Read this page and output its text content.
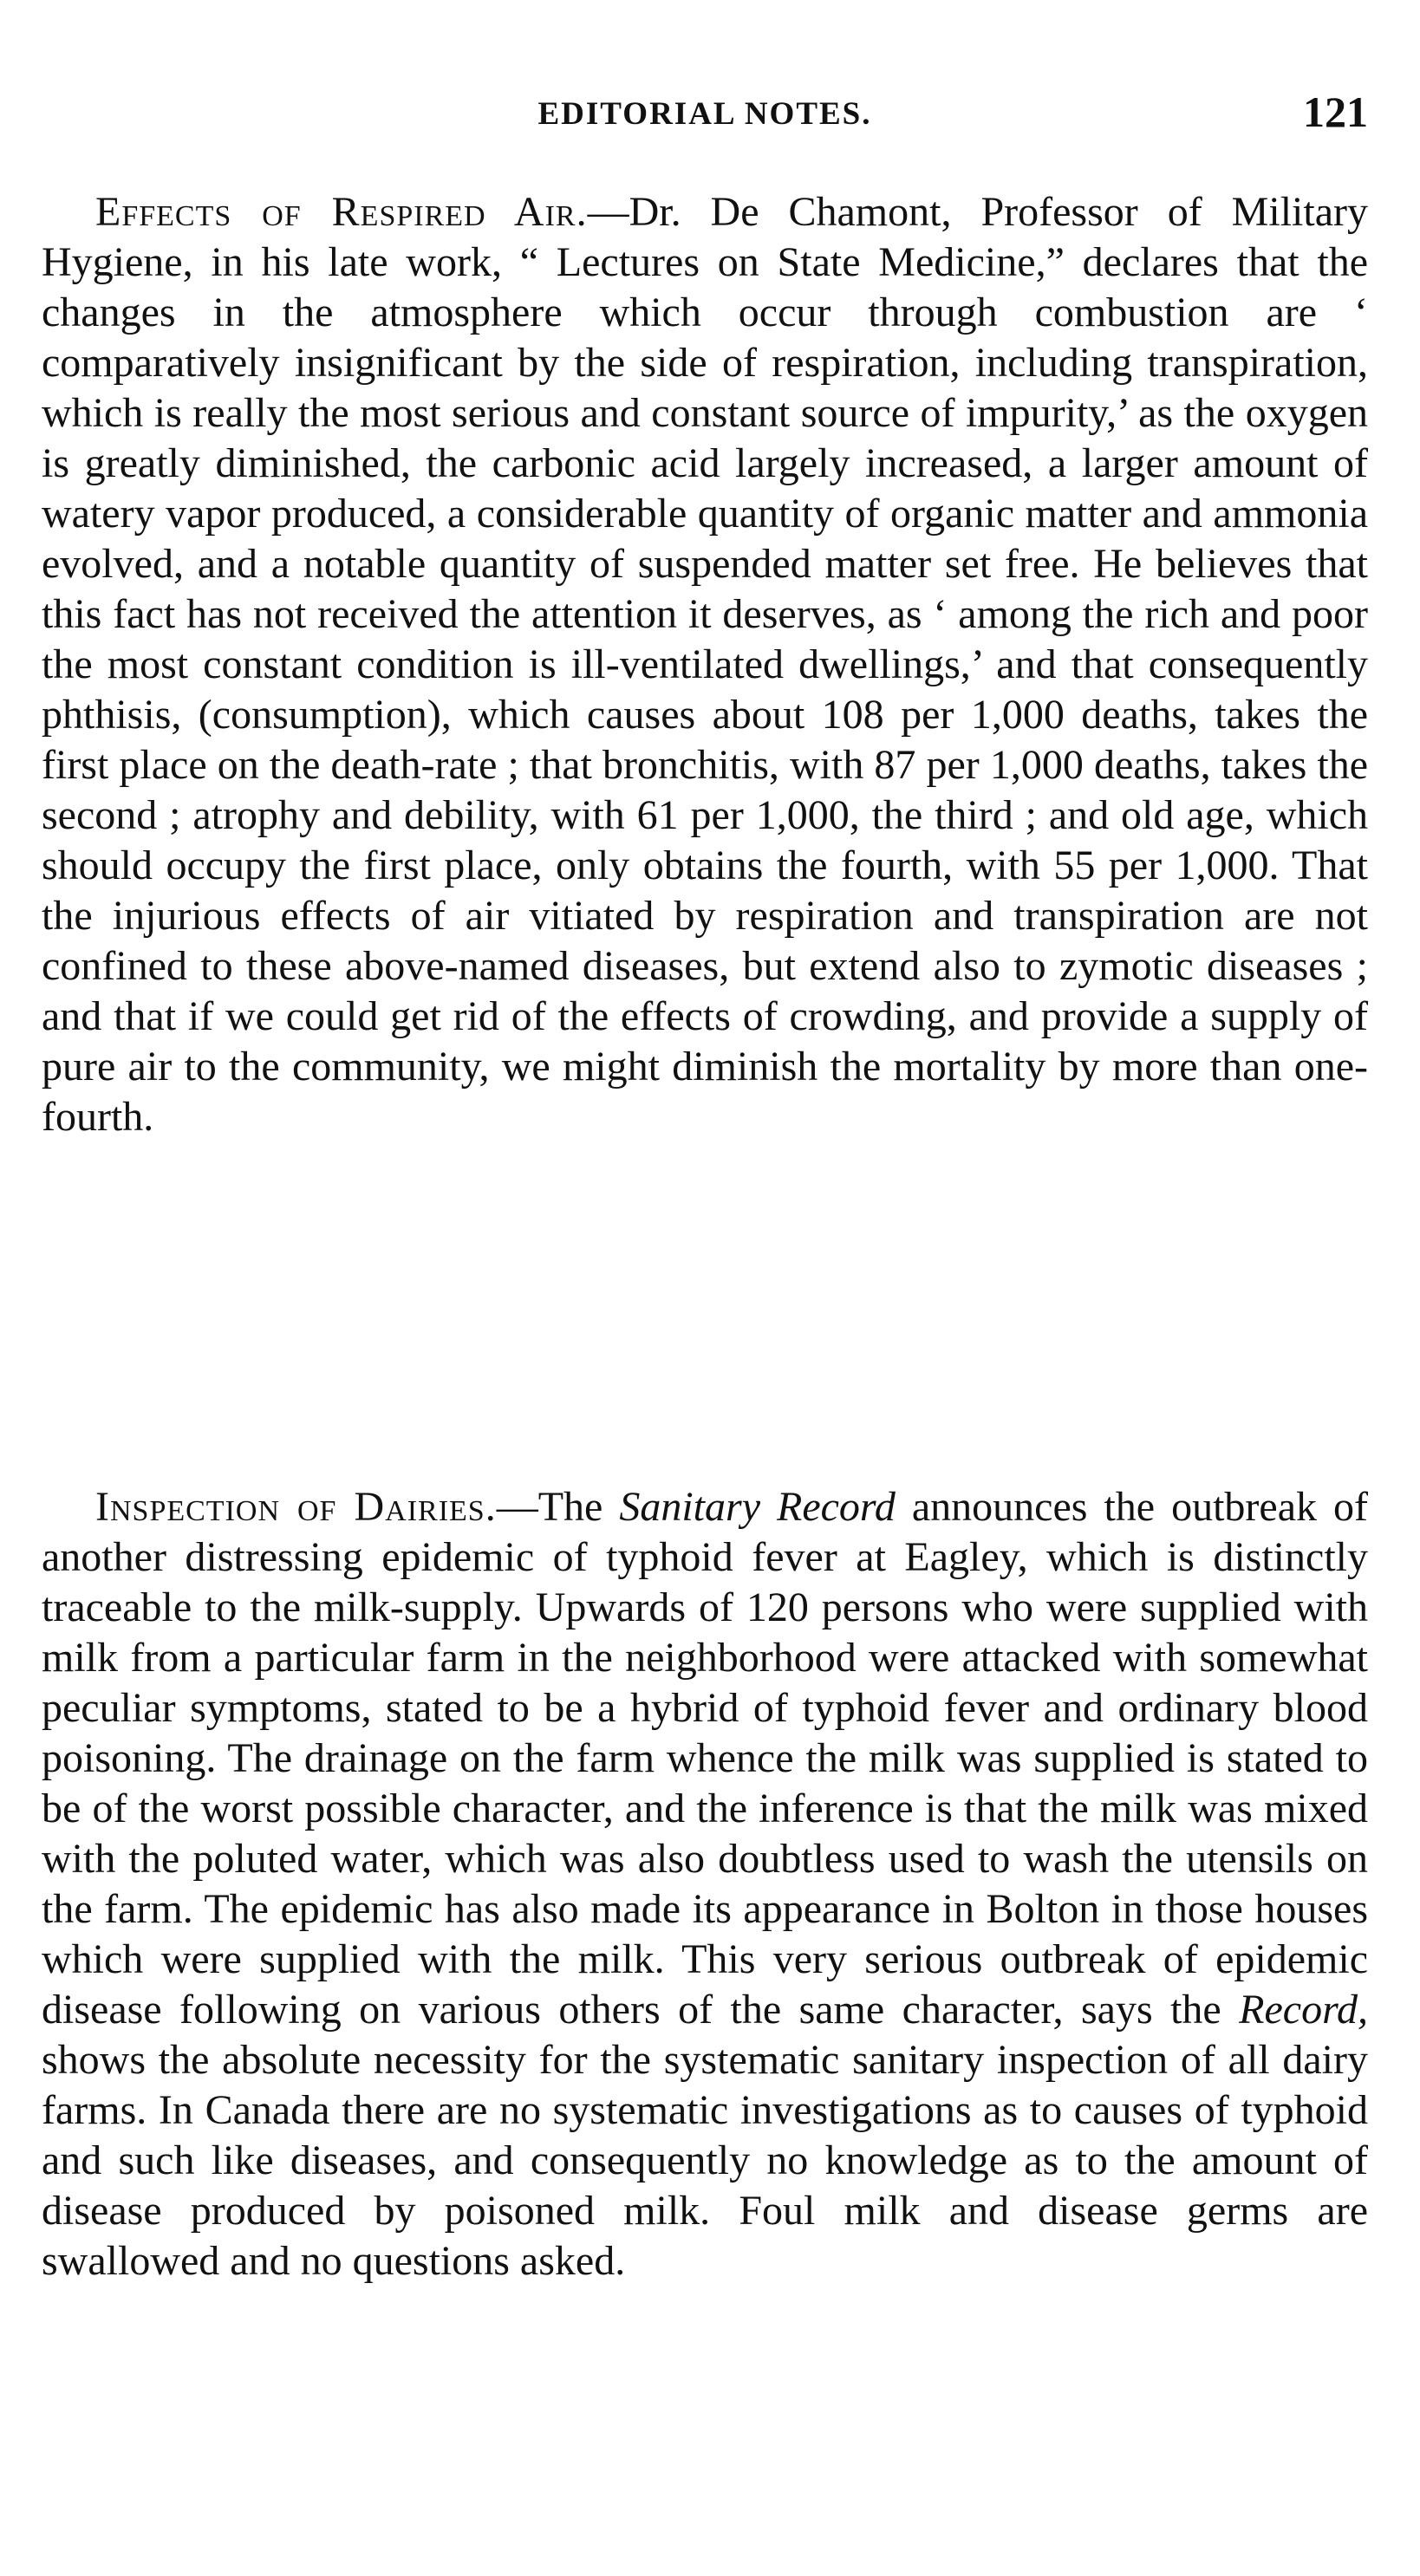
EDITORIAL NOTES.	121

Effects of Respired Air.—Dr. De Chamont, Professor of Military Hygiene, in his late work, “ Lectures on State Medicine,” declares that the changes in the atmosphere which occur through combustion are ‘ comparatively insignificant by the side of respiration, including transpiration, which is really the most serious and constant source of impurity,’ as the oxygen is greatly diminished, the carbonic acid largely increased, a larger amount of watery vapor produced, a considerable quantity of organic matter and ammonia evolved, and a notable quantity of suspended matter set free. He believes that this fact has not received the attention it deserves, as ‘ among the rich and poor the most constant condition is ill-ventilated dwellings,’ and that consequently phthisis, (consumption), which causes about 108 per 1,000 deaths, takes the first place on the death-rate ; that bronchitis, with 87 per 1,000 deaths, takes the second ; atrophy and debility, with 61 per 1,000, the third ; and old age, which should occupy the first place, only obtains the fourth, with 55 per 1,000. That the injurious effects of air vitiated by respiration and transpiration are not confined to these above-named diseases, but extend also to zymotic diseases ; and that if we could get rid of the effects of crowding, and provide a supply of pure air to the community, we might diminish the mortality by more than one-fourth.

Inspection of Dairies.—The Sanitary Record announces the outbreak of another distressing epidemic of typhoid fever at Eagley, which is distinctly traceable to the milk-supply. Upwards of 120 persons who were supplied with milk from a particular farm in the neighborhood were attacked with somewhat peculiar symptoms, stated to be a hybrid of typhoid fever and ordinary blood poisoning. The drainage on the farm whence the milk was supplied is stated to be of the worst possible character, and the inference is that the milk was mixed with the poluted water, which was also doubtless used to wash the utensils on the farm. The epidemic has also made its appearance in Bolton in those houses which were supplied with the milk. This very serious outbreak of epidemic disease following on various others of the same character, says the Record, shows the absolute necessity for the systematic sanitary inspection of all dairy farms. In Canada there are no systematic investigations as to causes of typhoid and such like diseases, and consequently no knowledge as to the amount of disease produced by poisoned milk. Foul milk and disease germs are swallowed and no questions asked.
